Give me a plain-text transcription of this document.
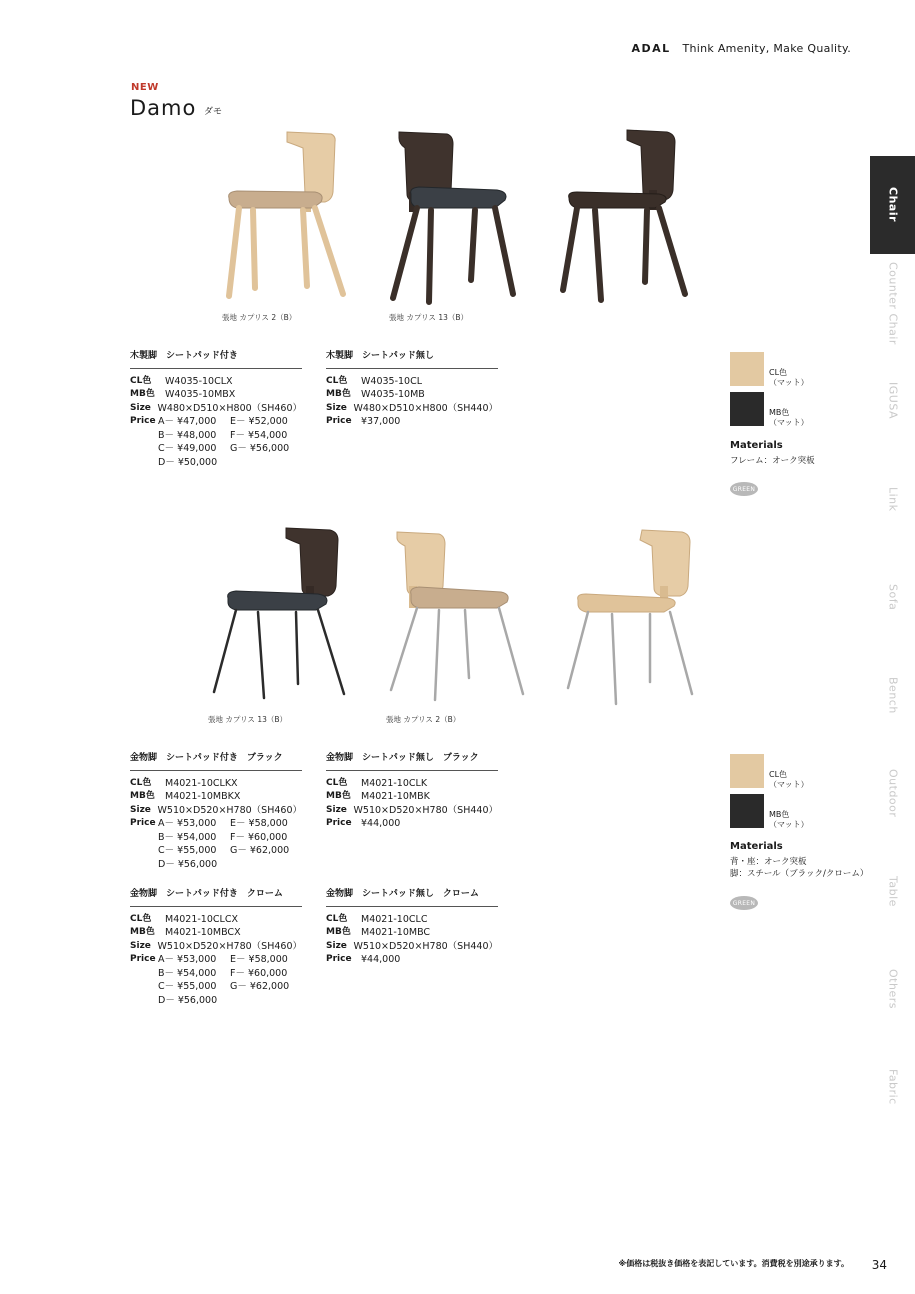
ADAL Think Amenity, Make Quality.
NEW
Damo ダモ
Chair
Counter Chair
IGUSA
Link
Sofa
Bench
Outdoor
Table
Others
Fabric
張地 カプリス 2（B）	張地 カプリス 13（B）
木製脚　シートパッド付き
CL色	W4035-10CLX
MB色	W4035-10MBX
Size W480×D510×H800（SH460）
Price A－ ¥47,000	E－ ¥52,000
B－ ¥48,000	F－ ¥54,000
C－ ¥49,000	G－ ¥56,000
D－ ¥50,000
木製脚　シートパッド無し
CL色	W4035-10CL
MB色	W4035-10MB
Size W480×D510×H800（SH440）
Price ¥37,000
CL色
（マット）
MB色
（マット）
Materials
フレーム：オーク突板
GREEN
張地 カプリス 13（B）	張地 カプリス 2（B）
金物脚　シートパッド付き　ブラック
CL色	M4021-10CLKX
MB色	M4021-10MBKX
Size W510×D520×H780（SH460）
Price A－ ¥53,000	E－ ¥58,000
B－ ¥54,000	F－ ¥60,000
C－ ¥55,000	G－ ¥62,000
D－ ¥56,000
金物脚　シートパッド無し　ブラック
CL色	M4021-10CLK
MB色	M4021-10MBK
Size W510×D520×H780（SH440）
Price ¥44,000
金物脚　シートパッド付き　クローム
CL色	M4021-10CLCX
MB色	M4021-10MBCX
Size W510×D520×H780（SH460）
Price A－ ¥53,000	E－ ¥58,000
B－ ¥54,000	F－ ¥60,000
C－ ¥55,000	G－ ¥62,000
D－ ¥56,000
金物脚　シートパッド無し　クローム
CL色	M4021-10CLC
MB色	M4021-10MBC
Size W510×D520×H780（SH440）
Price ¥44,000
CL色
（マット）
MB色
（マット）
Materials
背・座：オーク突板
脚：スチール（ブラック/クローム）
GREEN
※価格は税抜き価格を表記しています。消費税を別途承ります。 34
